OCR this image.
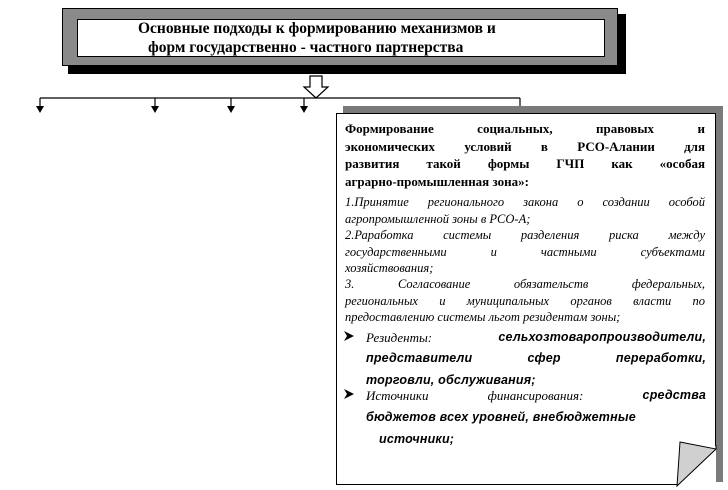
Основные подходы к формированию механизмов и
форм государственно - частного партнерства
Формирование социальных, правовых и
экономических условий в РСО-Алании для
развития такой формы ГЧП как «особая
аграрно-промышленная зона»:
1.Принятие регионального закона о создании особой
агропромышленной зоны в РСО-А;
2.Раработка системы разделения риска между
государственными и частными субъектами
хозяйствования;
3. Согласование обязательств федеральных,
региональных и муниципальных органов власти по
предоставлению системы льгот резидентам зоны;
Резиденты:	сельхозтоваропроизводители,
представители	сфер	переработки,
торговли, обслуживания;
Источники	финансирования:	средства
бюджетов всех уровней, внебюджетные
источники;
